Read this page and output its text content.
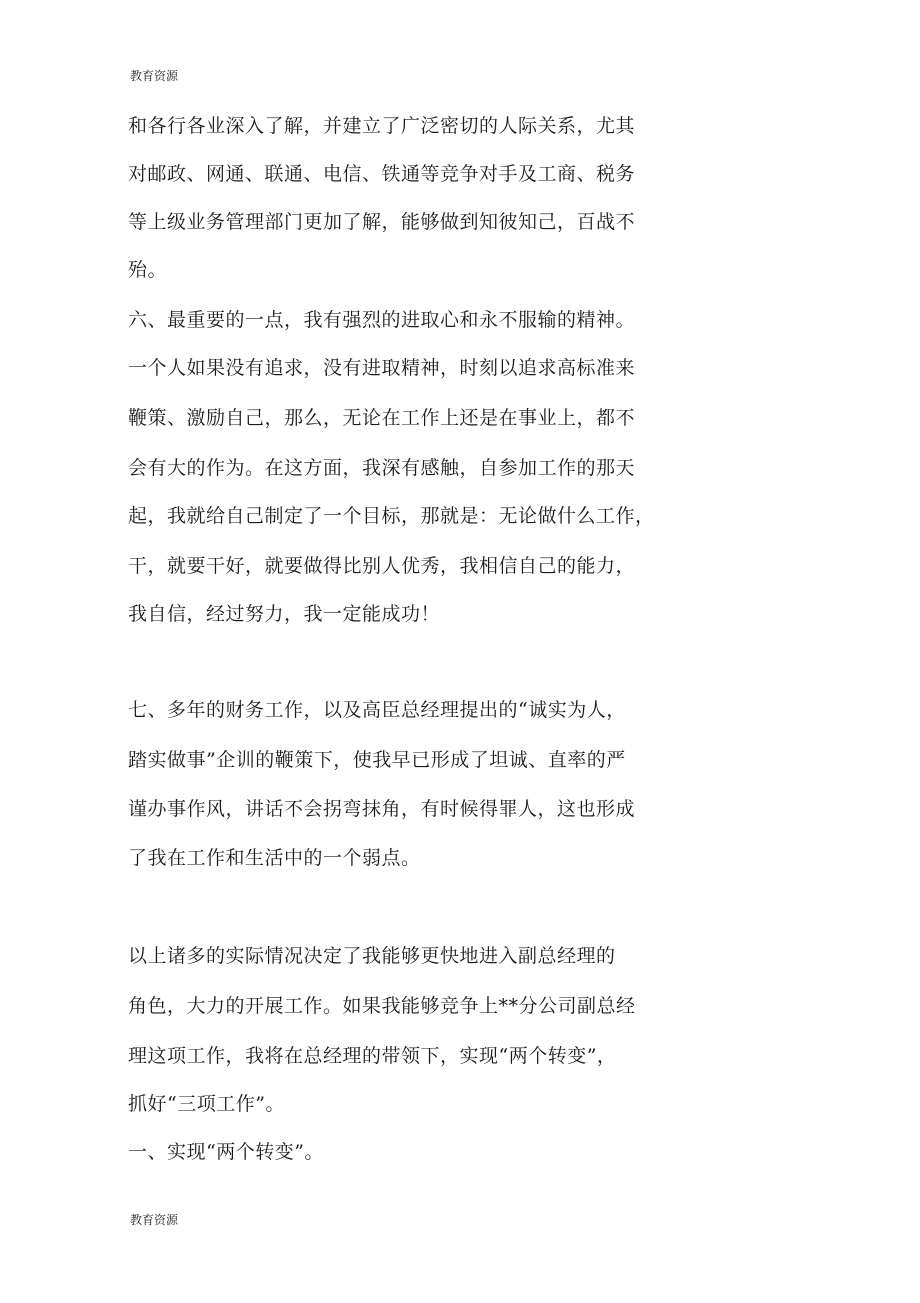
教育资源
和各行各业深入了解，并建立了广泛密切的人际关系，尤其
对邮政、网通、联通、电信、铁通等竞争对手及工商、税务
等上级业务管理部门更加了解，能够做到知彼知己，百战不
殆。
六、最重要的一点，我有强烈的进取心和永不服输的精神。
一个人如果没有追求，没有进取精神，时刻以追求高标准来
鞭策、激励自己，那么，无论在工作上还是在事业上，都不
会有大的作为。在这方面，我深有感触，自参加工作的那天
起，我就给自己制定了一个目标，那就是：无论做什么工作，
干，就要干好，就要做得比别人优秀，我相信自己的能力，
我自信，经过努力，我一定能成功！
七、多年的财务工作，以及高臣总经理提出的“诚实为人，
踏实做事”企训的鞭策下，使我早已形成了坦诚、直率的严
谨办事作风，讲话不会拐弯抹角，有时候得罪人，这也形成
了我在工作和生活中的一个弱点。
以上诸多的实际情况决定了我能够更快地进入副总经理的
角色，大力的开展工作。如果我能够竞争上**分公司副总经
理这项工作，我将在总经理的带领下，实现“两个转变”，
抓好“三项工作”。
一、实现“两个转变”。
教育资源
